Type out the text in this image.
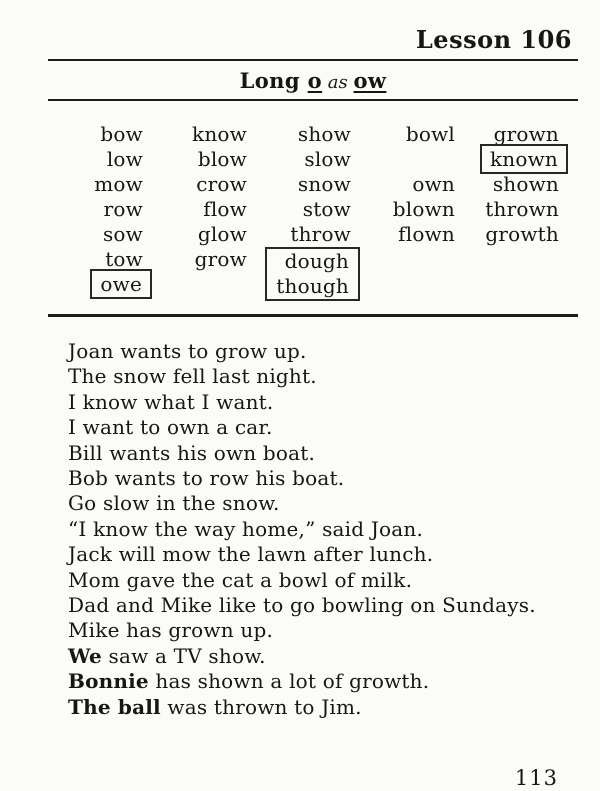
Lesson 106
Long o as ow
bow
low
mow
row
sow
tow
owe
know
blow
crow
flow
glow
grow
show
slow
snow
stow
throw
dough
though
bowl
own
blown
flown
grown
known
shown
thrown
growth
Joan wants to grow up.
The snow fell last night.
I know what I want.
I want to own a car.
Bill wants his own boat.
Bob wants to row his boat.
Go slow in the snow.
“I know the way home,” said Joan.
Jack will mow the lawn after lunch.
Mom gave the cat a bowl of milk.
Dad and Mike like to go bowling on Sundays.
Mike has grown up.
We saw a TV show.
Bonnie has shown a lot of growth.
The ball was thrown to Jim.
113
